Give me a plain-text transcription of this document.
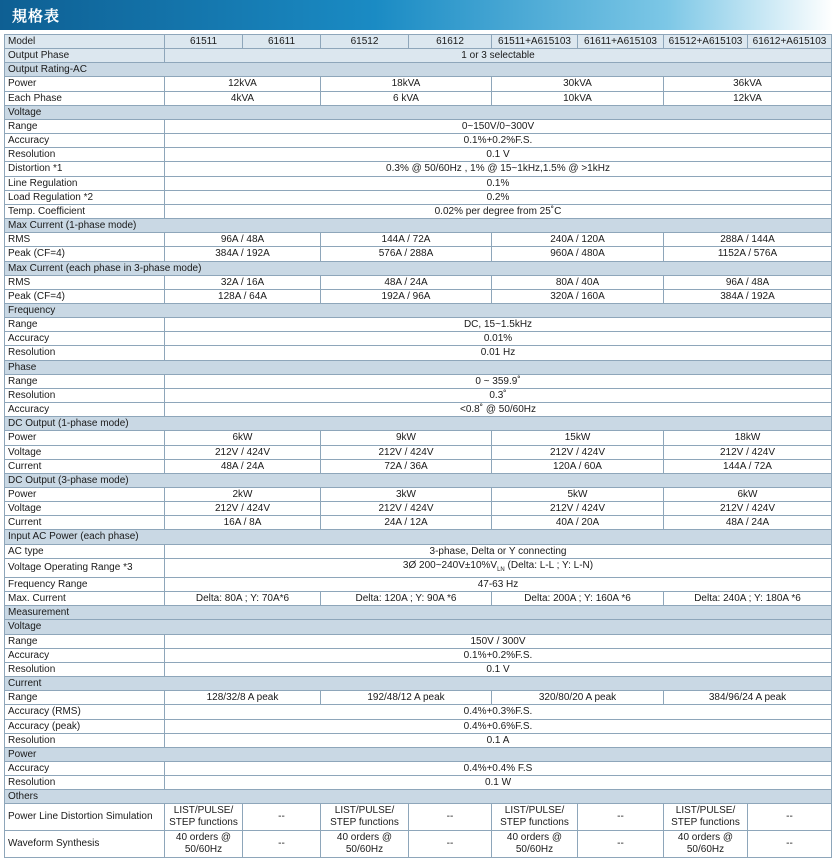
規格表
Model	61511	61611	61512	61612	61511+A615103	61611+A615103	61512+A615103	61612+A615103
Output Phase	1 or 3 selectable							
Output Rating-AC								
Power	12kVA		18kVA		30kVA		36kVA	
Each Phase	4kVA		6 kVA		10kVA		12kVA	
Voltage								
Range	0~150V/0~300V							
Accuracy	0.1%+0.2%F.S.							
Resolution	0.1 V							
Distortion *1	0.3% @ 50/60Hz , 1% @ 15~1kHz,1.5% @ >1kHz							
Line Regulation	0.1%							
Load Regulation *2	0.2%							
Temp. Coefficient	0.02% per degree from 25˚C							
Max Current (1-phase mode)								
RMS	96A / 48A		144A / 72A		240A / 120A		288A / 144A	
Peak (CF=4)	384A / 192A		576A / 288A		960A / 480A		1152A / 576A	
Max Current (each phase in 3-phase mode)								
RMS	32A / 16A		48A / 24A		80A / 40A		96A / 48A	
Peak (CF=4)	128A / 64A		192A / 96A		320A / 160A		384A / 192A	
Frequency								
Range	DC, 15~1.5kHz							
Accuracy	0.01%							
Resolution	0.01 Hz							
Phase								
Range	0 ~ 359.9˚							
Resolution	0.3˚							
Accuracy	<0.8˚ @ 50/60Hz							
DC Output (1-phase mode)								
Power	6kW		9kW		15kW		18kW	
Voltage	212V / 424V		212V / 424V		212V / 424V		212V / 424V	
Current	48A / 24A		72A / 36A		120A / 60A		144A / 72A	
DC Output (3-phase mode)								
Power	2kW		3kW		5kW		6kW	
Voltage	212V / 424V		212V / 424V		212V / 424V		212V / 424V	
Current	16A / 8A		24A / 12A		40A / 20A		48A / 24A	
Input AC Power (each phase)								
AC type	3-phase, Delta or Y connecting							
Voltage Operating Range *3	3Ø $200\sim 240V\pm 10\%V_{LN}$ (Delta: L-L ; Y: L-N)							
Frequency Range	47-63 Hz							
Max. Current	Delta: 80A ; Y: 70A*6		Delta: 120A ; Y: 90A *6		Delta: 200A ; Y: 160A *6		Delta: 240A ; Y: 180A *6	
Measurement								
Voltage								
Range	150V / 300V							
Accuracy	0.1%+0.2%F.S.							
Resolution	0.1 V							
Current								
Range	128/32/8 A peak		192/48/12 A peak		320/80/20 A peak		384/96/24 A peak	
Accuracy (RMS)	0.4%+0.3%F.S.							
Accuracy (peak)	0.4%+0.6%F.S.							
Resolution	0.1 A							
Power								
Accuracy	0.4%+0.4% F.S							
Resolution	0.1 W							
Others								
Power Line Distortion Simulation	LIST/PULSE/ STEP functions	--	LIST/PULSE/ STEP functions	--	LIST/PULSE/ STEP functions	--	LIST/PULSE/ STEP functions	--
Waveform Synthesis	40 orders @ 50/60Hz	--	40 orders @ 50/60Hz	--	40 orders @ 50/60Hz	--	40 orders @ 50/60Hz	--
